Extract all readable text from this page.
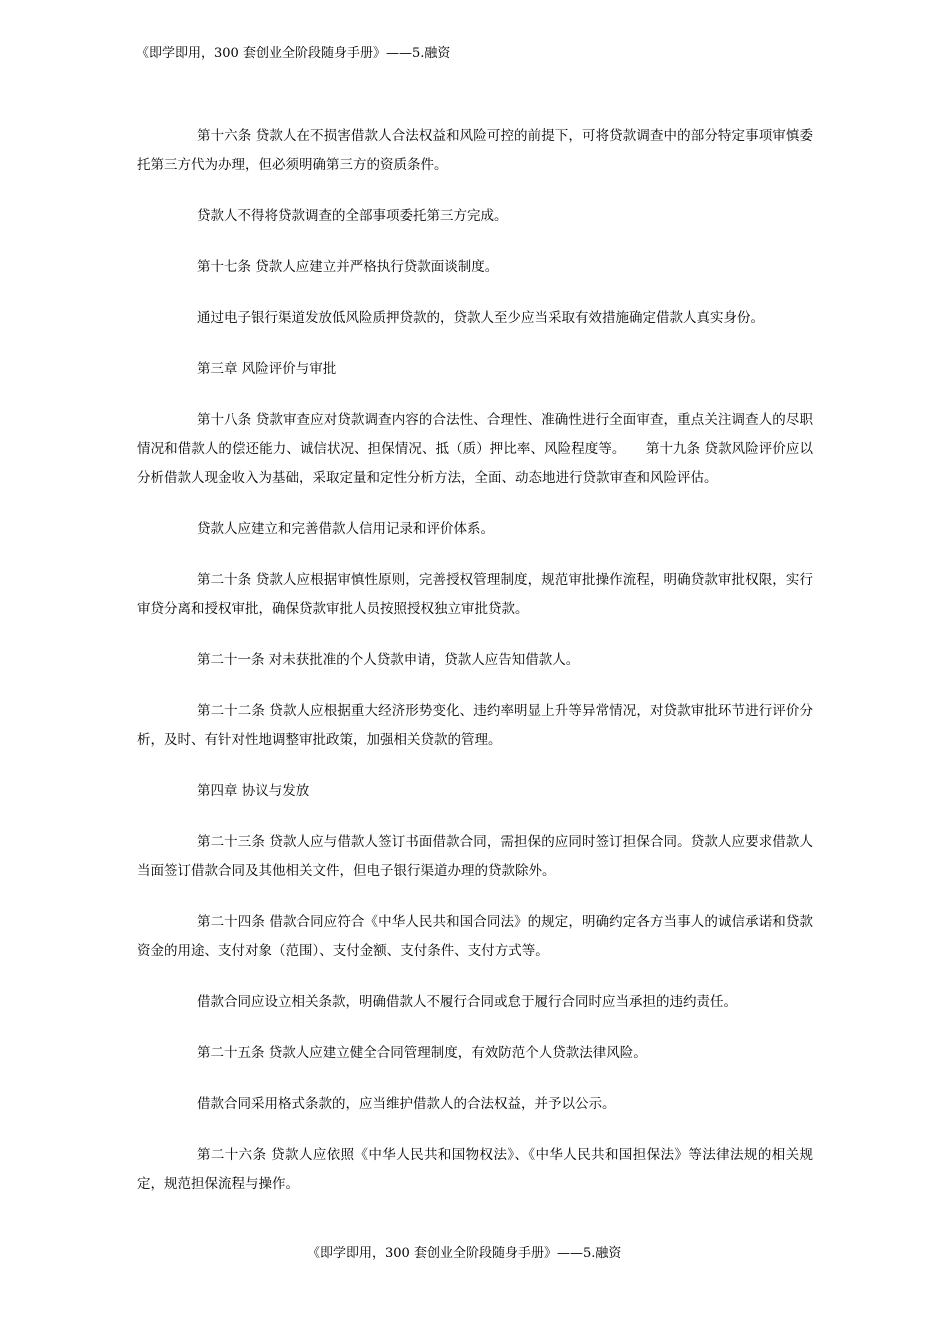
《即学即用，300 套创业全阶段随身手册》——5.融资

第十六条 贷款人在不损害借款人合法权益和风险可控的前提下，可将贷款调查中的部分特定事项审慎委托第三方代为办理，但必须明确第三方的资质条件。

贷款人不得将贷款调查的全部事项委托第三方完成。

第十七条 贷款人应建立并严格执行贷款面谈制度。

通过电子银行渠道发放低风险质押贷款的，贷款人至少应当采取有效措施确定借款人真实身份。

第三章 风险评价与审批

第十八条 贷款审查应对贷款调查内容的合法性、合理性、准确性进行全面审查，重点关注调查人的尽职情况和借款人的偿还能力、诚信状况、担保情况、抵（质）押比率、风险程度等。　　第十九条 贷款风险评价应以分析借款人现金收入为基础，采取定量和定性分析方法，全面、动态地进行贷款审查和风险评估。

贷款人应建立和完善借款人信用记录和评价体系。

第二十条 贷款人应根据审慎性原则，完善授权管理制度，规范审批操作流程，明确贷款审批权限，实行审贷分离和授权审批，确保贷款审批人员按照授权独立审批贷款。

第二十一条 对未获批准的个人贷款申请，贷款人应告知借款人。

第二十二条 贷款人应根据重大经济形势变化、违约率明显上升等异常情况，对贷款审批环节进行评价分析，及时、有针对性地调整审批政策，加强相关贷款的管理。

第四章 协议与发放

第二十三条 贷款人应与借款人签订书面借款合同，需担保的应同时签订担保合同。贷款人应要求借款人当面签订借款合同及其他相关文件，但电子银行渠道办理的贷款除外。

第二十四条 借款合同应符合《中华人民共和国合同法》的规定，明确约定各方当事人的诚信承诺和贷款资金的用途、支付对象（范围）、支付金额、支付条件、支付方式等。

借款合同应设立相关条款，明确借款人不履行合同或怠于履行合同时应当承担的违约责任。

第二十五条 贷款人应建立健全合同管理制度，有效防范个人贷款法律风险。

借款合同采用格式条款的，应当维护借款人的合法权益，并予以公示。

第二十六条 贷款人应依照《中华人民共和国物权法》、《中华人民共和国担保法》等法律法规的相关规定，规范担保流程与操作。

《即学即用，300 套创业全阶段随身手册》——5.融资
